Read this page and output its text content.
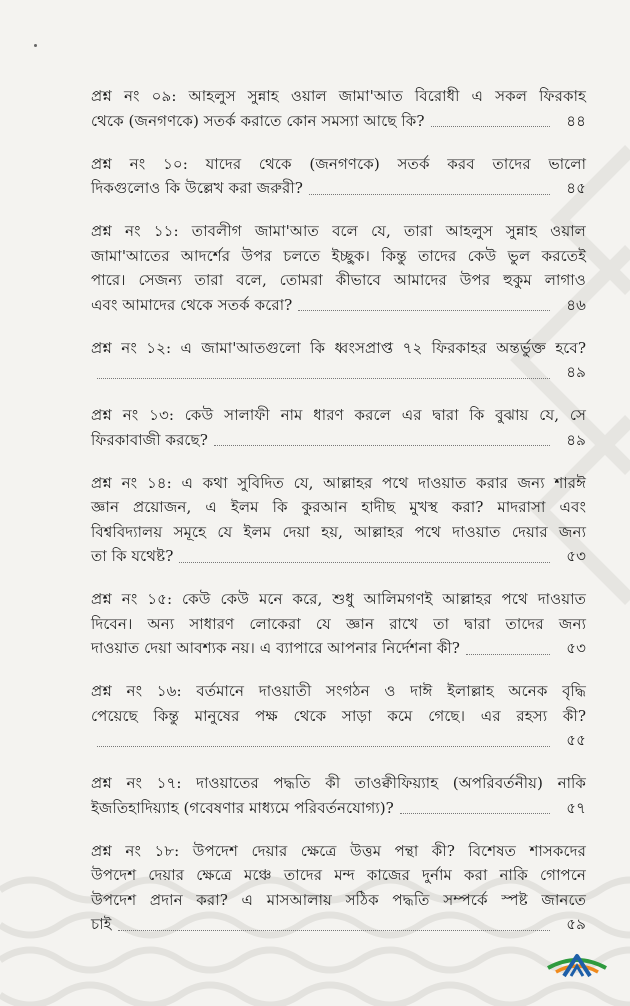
প্রশ্ন নং ০৯: আহলুস সুন্নাহ ওয়াল জামা'আত বিরোধী এ সকল ফিরকাহ
থেকে (জনগণকে) সতর্ক করাতে কোন সমস্যা আছে কি?	৪৪
প্রশ্ন নং ১০: যাদের থেকে (জনগণকে) সতর্ক করব তাদের ভালো
দিকগুলোও কি উল্লেখ করা জরুরী?	৪৫
প্রশ্ন নং ১১: তাবলীগ জামা'আত বলে যে, তারা আহলুস সুন্নাহ ওয়াল
জামা'আতের আদর্শের উপর চলতে ইচ্ছুক। কিন্তু তাদের কেউ ভুল করতেই
পারে। সেজন্য তারা বলে, তোমরা কীভাবে আমাদের উপর হুকুম লাগাও
এবং আমাদের থেকে সতর্ক করো?	৪৬
প্রশ্ন নং ১২: এ জামা'আতগুলো কি ধ্বংসপ্রাপ্ত ৭২ ফিরকাহর অন্তর্ভুক্ত হবে?
৪৯
প্রশ্ন নং ১৩: কেউ সালাফী নাম ধারণ করলে এর দ্বারা কি বুঝায় যে, সে
ফিরকাবাজী করছে?	৪৯
প্রশ্ন নং ১৪: এ কথা সুবিদিত যে, আল্লাহর পথে দাওয়াত করার জন্য শারঈ
জ্ঞান প্রয়োজন, এ ইলম কি কুরআন হাদীছ মুখস্থ করা? মাদরাসা এবং
বিশ্ববিদ্যালয় সমূহে যে ইলম দেয়া হয়, আল্লাহর পথে দাওয়াত দেয়ার জন্য
তা কি যথেষ্ট?	৫৩
প্রশ্ন নং ১৫: কেউ কেউ মনে করে, শুধু আলিমগণই আল্লাহর পথে দাওয়াত
দিবেন। অন্য সাধারণ লোকেরা যে জ্ঞান রাখে তা দ্বারা তাদের জন্য
দাওয়াত দেয়া আবশ্যক নয়। এ ব্যাপারে আপনার নির্দেশনা কী?	৫৩
প্রশ্ন নং ১৬: বর্তমানে দাওয়াতী সংগঠন ও দাঈ ইলাল্লাহ অনেক বৃদ্ধি
পেয়েছে কিন্তু মানুষের পক্ষ থেকে সাড়া কমে গেছে। এর রহস্য কী?
৫৫
প্রশ্ন নং ১৭: দাওয়াতের পদ্ধতি কী তাওক্বীফিয়্যাহ (অপরিবর্তনীয়) নাকি
ইজতিহাদিয়্যাহ (গবেষণার মাধ্যমে পরিবর্তনযোগ্য)?	৫৭
প্রশ্ন নং ১৮: উপদেশ দেয়ার ক্ষেত্রে উত্তম পন্থা কী? বিশেষত শাসকদের
উপদেশ দেয়ার ক্ষেত্রে মঞ্চে তাদের মন্দ কাজের দুর্নাম করা নাকি গোপনে
উপদেশ প্রদান করা? এ মাসআলায় সঠিক পদ্ধতি সম্পর্কে স্পষ্ট জানতে
চাই	৫৯
